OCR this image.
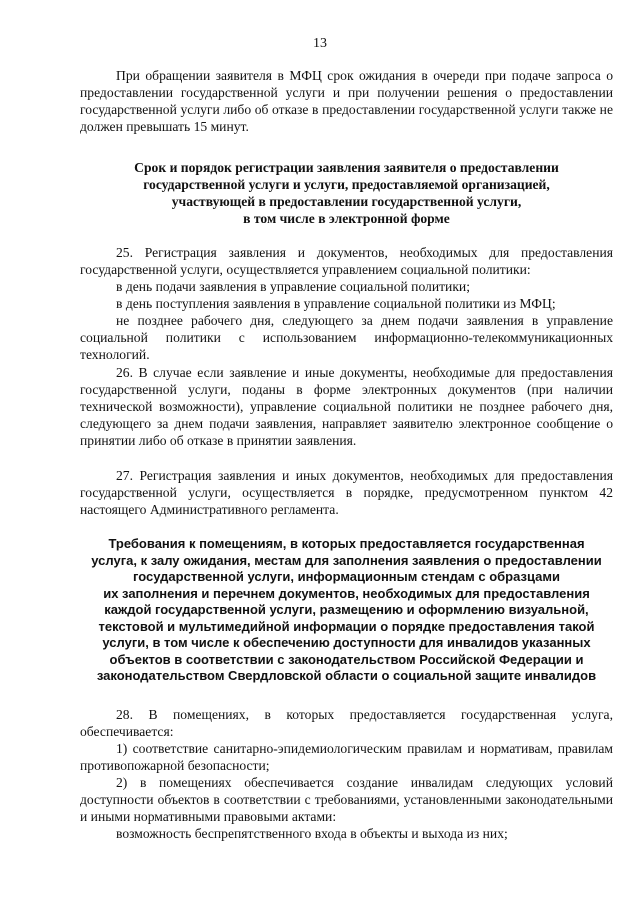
13

При обращении заявителя в МФЦ срок ожидания в очереди при подаче запроса о предоставлении государственной услуги и при получении решения о предоставлении государственной услуги либо об отказе в предоставлении государственной услуги также не должен превышать 15 минут.

Срок и порядок регистрации заявления заявителя о предоставлении
государственной услуги и услуги, предоставляемой организацией,
участвующей в предоставлении государственной услуги,
в том числе в электронной форме

25. Регистрация заявления и документов, необходимых для предоставления государственной услуги, осуществляется управлением социальной политики:

в день подачи заявления в управление социальной политики;

в день поступления заявления в управление социальной политики из МФЦ;

не позднее рабочего дня, следующего за днем подачи заявления в управление социальной политики с использованием информационно-телекоммуникационных технологий.

26. В случае если заявление и иные документы, необходимые для предоставления государственной услуги, поданы в форме электронных документов (при наличии технической возможности), управление социальной политики не позднее рабочего дня, следующего за днем подачи заявления, направляет заявителю электронное сообщение о принятии либо об отказе в принятии заявления.

27. Регистрация заявления и иных документов, необходимых для предоставления государственной услуги, осуществляется в порядке, предусмотренном пунктом 42 настоящего Административного регламента.

Требования к помещениям, в которых предоставляется государственная
услуга, к залу ожидания, местам для заполнения заявления о предоставлении
государственной услуги, информационным стендам с образцами
их заполнения и перечнем документов, необходимых для предоставления
каждой государственной услуги, размещению и оформлению визуальной,
текстовой и мультимедийной информации о порядке предоставления такой
услуги, в том числе к обеспечению доступности для инвалидов указанных
объектов в соответствии с законодательством Российской Федерации и
законодательством Свердловской области о социальной защите инвалидов

28. В помещениях, в которых предоставляется государственная услуга, обеспечивается:

1) соответствие санитарно-эпидемиологическим правилам и нормативам, правилам противопожарной безопасности;

2) в помещениях обеспечивается создание инвалидам следующих условий доступности объектов в соответствии с требованиями, установленными законодательными и иными нормативными правовыми актами:

возможность беспрепятственного входа в объекты и выхода из них;
